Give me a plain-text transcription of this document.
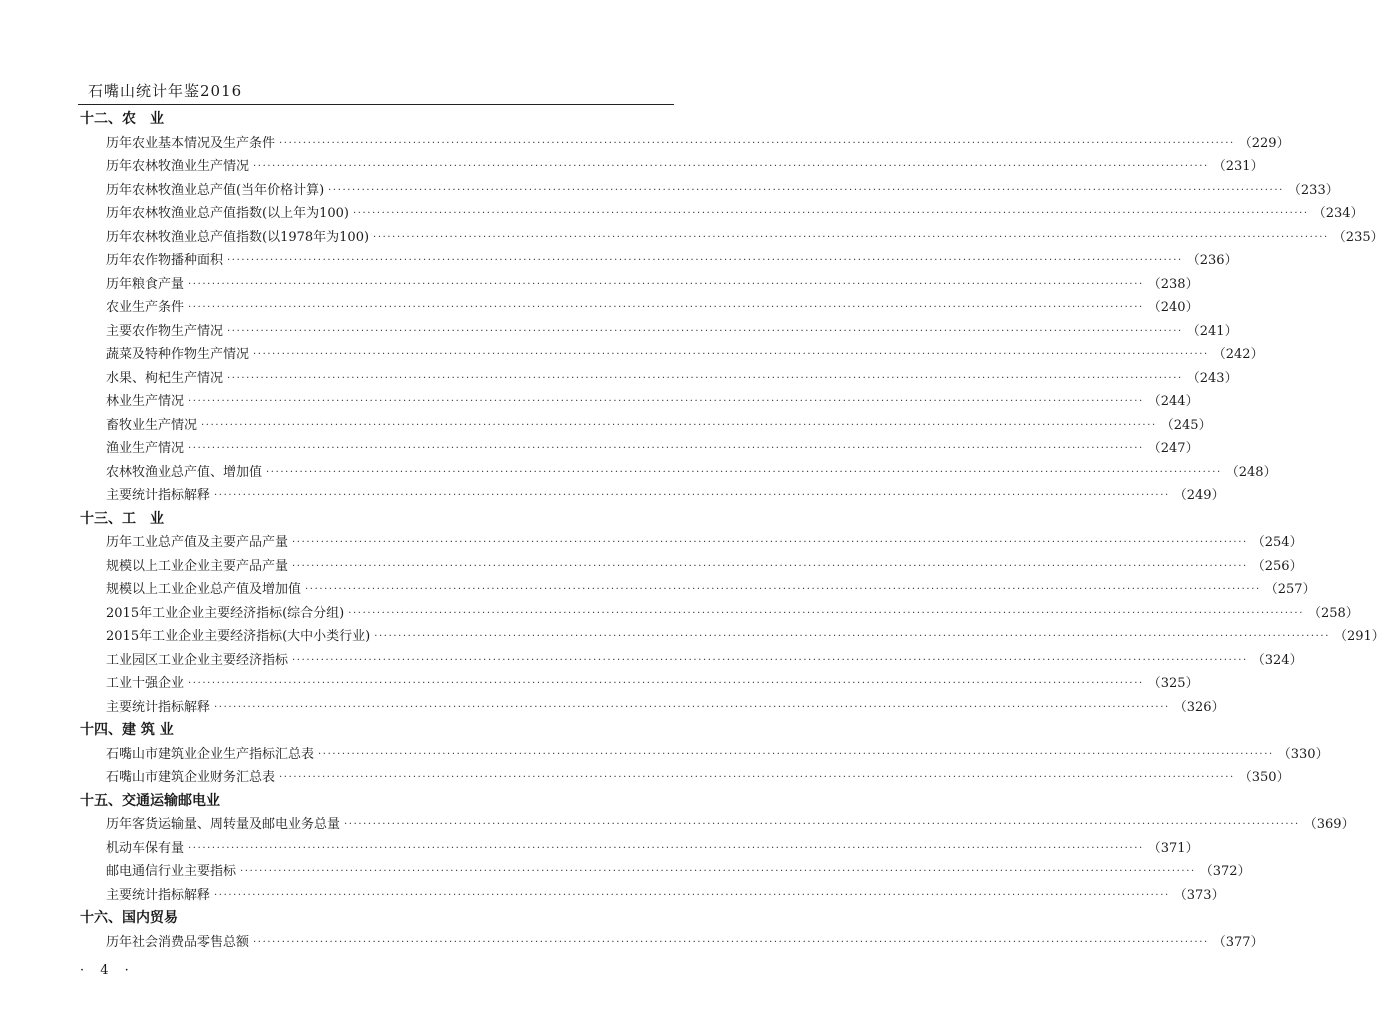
石嘴山统计年鉴2016
十二、农　业
历年农业基本情况及生产条件 ········································································································································································································ （229）
历年农林牧渔业生产情况 ········································································································································································································ （231）
历年农林牧渔业总产值(当年价格计算) ········································································································································································································ （233）
历年农林牧渔业总产值指数(以上年为100) ········································································································································································································ （234）
历年农林牧渔业总产值指数(以1978年为100) ········································································································································································································ （235）
历年农作物播种面积 ········································································································································································································ （236）
历年粮食产量 ········································································································································································································ （238）
农业生产条件 ········································································································································································································ （240）
主要农作物生产情况 ········································································································································································································ （241）
蔬菜及特种作物生产情况 ········································································································································································································ （242）
水果、枸杞生产情况 ········································································································································································································ （243）
林业生产情况 ········································································································································································································ （244）
畜牧业生产情况 ········································································································································································································ （245）
渔业生产情况 ········································································································································································································ （247）
农林牧渔业总产值、增加值 ········································································································································································································ （248）
主要统计指标解释 ········································································································································································································ （249）
十三、工　业
历年工业总产值及主要产品产量 ········································································································································································································ （254）
规模以上工业企业主要产品产量 ········································································································································································································ （256）
规模以上工业企业总产值及增加值 ········································································································································································································ （257）
2015年工业企业主要经济指标(综合分组) ········································································································································································································ （258）
2015年工业企业主要经济指标(大中小类行业) ········································································································································································································ （291）
工业园区工业企业主要经济指标 ········································································································································································································ （324）
工业十强企业 ········································································································································································································ （325）
主要统计指标解释 ········································································································································································································ （326）
十四、建 筑 业
石嘴山市建筑业企业生产指标汇总表 ········································································································································································································ （330）
石嘴山市建筑企业财务汇总表 ········································································································································································································ （350）
十五、交通运输邮电业
历年客货运输量、周转量及邮电业务总量 ········································································································································································································ （369）
机动车保有量 ········································································································································································································ （371）
邮电通信行业主要指标 ········································································································································································································ （372）
主要统计指标解释 ········································································································································································································ （373）
十六、国内贸易
历年社会消费品零售总额 ········································································································································································································ （377）
· 4 ·
